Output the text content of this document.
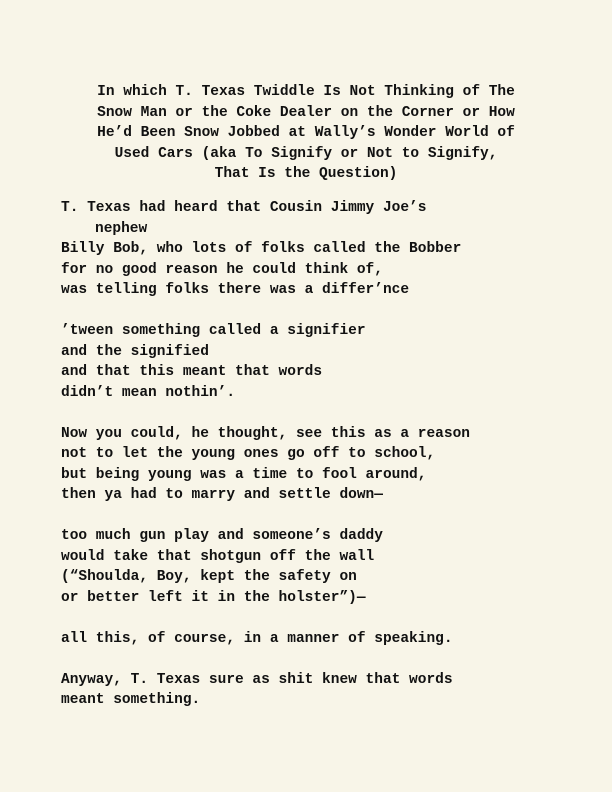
In which T. Texas Twiddle Is Not Thinking of The
Snow Man or the Coke Dealer on the Corner or How
He’d Been Snow Jobbed at Wally’s Wonder World of
Used Cars (aka To Signify or Not to Signify,
That Is the Question)
T. Texas had heard that Cousin Jimmy Joe’s
nephew
Billy Bob, who lots of folks called the Bobber
for no good reason he could think of,
was telling folks there was a differ’nce
’tween something called a signifier
and the signified
and that this meant that words
didn’t mean nothin’.
Now you could, he thought, see this as a reason
not to let the young ones go off to school,
but being young was a time to fool around,
then ya had to marry and settle down—
too much gun play and someone’s daddy
would take that shotgun off the wall
(“Shoulda, Boy, kept the safety on
or better left it in the holster”)—
all this, of course, in a manner of speaking.
Anyway, T. Texas sure as shit knew that words
meant something.
